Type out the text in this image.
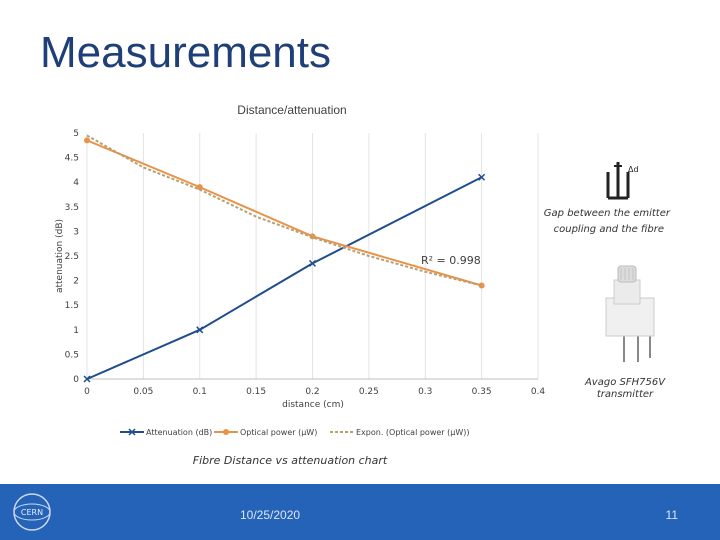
Measurements
Distance/attenuation
0
0.5
1
1.5
2
2.5
3
3.5
4
4.5
5
0	0.05	0.1	0.15	0.2	0.25	0.3	0.35	0.4
distance (cm)
attenuation (dB)	R² = 0.998
Attenuation (dB)	Optical power (µW)	Expon. (Optical power (µW))
Δd
Gap between the emitter
coupling and the fibre
Avago SFH756V
transmitter
Fibre Distance vs attenuation chart
CERN	10/25/2020	11
